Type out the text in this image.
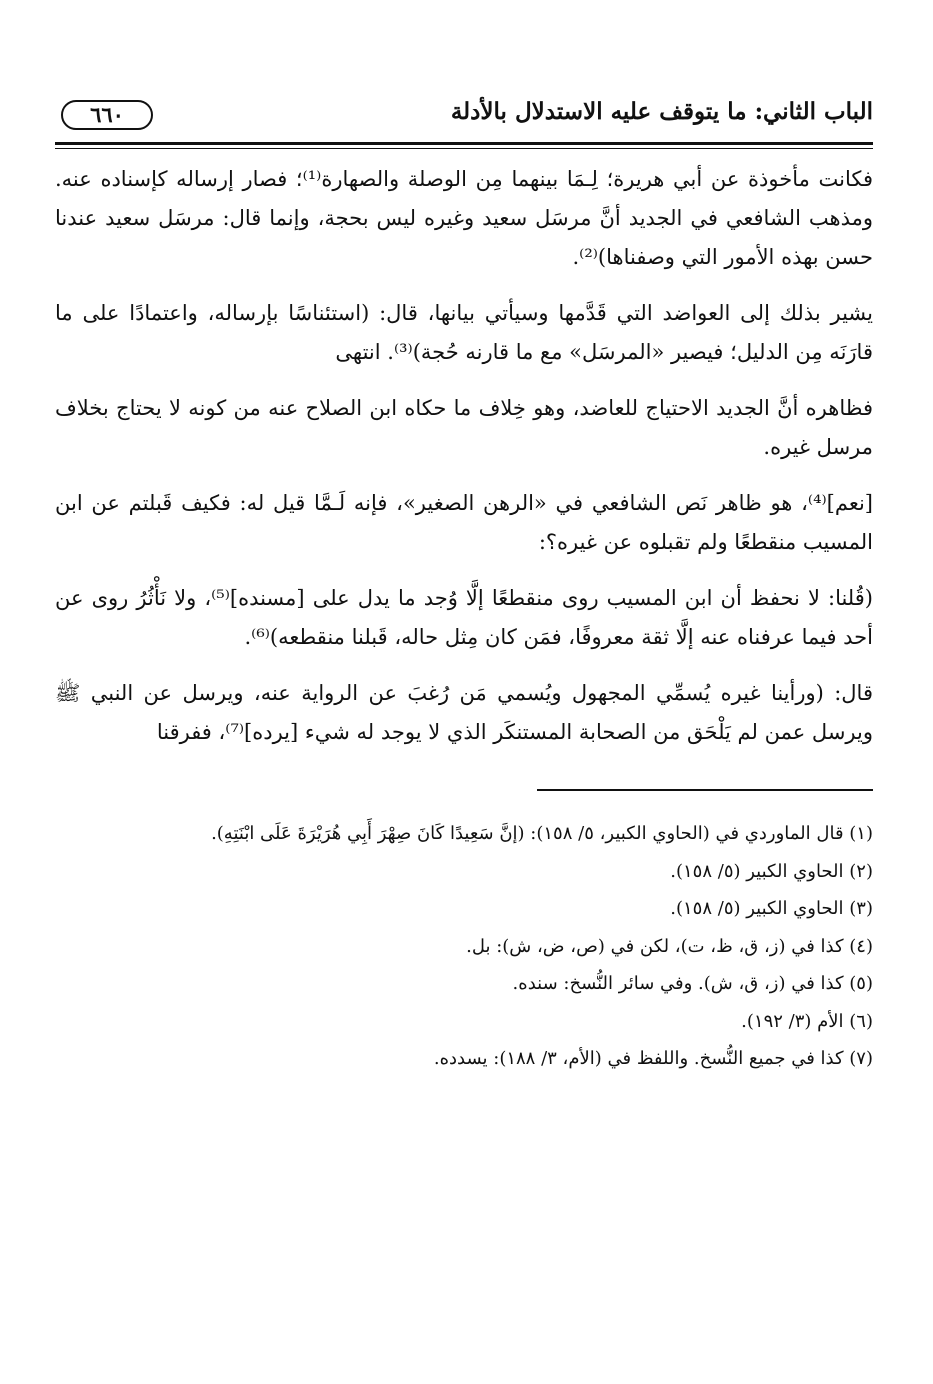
الباب الثاني: ما يتوقف عليه الاستدلال بالأدلة
٦٦٠

فكانت مأخوذة عن أبي هريرة؛ لِـمَا بينهما مِن الوصلة والصهارة⁽¹⁾؛ فصار إرساله كإسناده عنه. ومذهب الشافعي في الجديد أنَّ مرسَل سعيد وغيره ليس بحجة، وإنما قال: مرسَل سعيد عندنا حسن بهذه الأمور التي وصفناها)⁽²⁾.

يشير بذلك إلى العواضد التي قَدَّمها وسيأتي بيانها، قال: (استئناسًا بإرساله، واعتمادًا على ما قارَنَه مِن الدليل؛ فيصير «المرسَل» مع ما قارنه حُجة)⁽³⁾. انتهى

فظاهره أنَّ الجديد الاحتياج للعاضد، وهو خِلاف ما حكاه ابن الصلاح عنه من كونه لا يحتاج بخلاف مرسل غيره.

[نعم]⁽⁴⁾، هو ظاهر نَص الشافعي في «الرهن الصغير»، فإنه لَـمَّا قيل له: فكيف قَبلتم عن ابن المسيب منقطعًا ولم تقبلوه عن غيره؟:

(قُلنا: لا نحفظ أن ابن المسيب روى منقطعًا إلَّا وُجد ما يدل على [مسنده]⁽⁵⁾، ولا نَأْثُرُ روى عن أحد فيما عرفناه عنه إلَّا ثقة معروفًا، فمَن كان مِثل حاله، قَبلنا منقطعه)⁽⁶⁾.

قال: (ورأينا غيره يُسمِّي المجهول ويُسمي مَن رُغبَ عن الرواية عنه، ويرسل عن النبي ﷺ ويرسل عمن لم يَلْحَق من الصحابة المستنكَر الذي لا يوجد له شيء [يرده]⁽⁷⁾، ففرقنا

(١) قال الماوردي في (الحاوي الكبير، ٥/ ١٥٨): (إنَّ سَعِيدًا كَانَ صِهْرَ أَبِي هُرَيْرَةَ عَلَى ابْنَتِهِ).
(٢) الحاوي الكبير (٥/ ١٥٨).
(٣) الحاوي الكبير (٥/ ١٥٨).
(٤) كذا في (ز، ق، ظ، ت)، لكن في (ص، ض، ش): بل.
(٥) كذا في (ز، ق، ش). وفي سائر النُّسخ: سنده.
(٦) الأم (٣/ ١٩٢).
(٧) كذا في جميع النُّسخ. واللفظ في (الأم، ٣/ ١٨٨): يسدده.
